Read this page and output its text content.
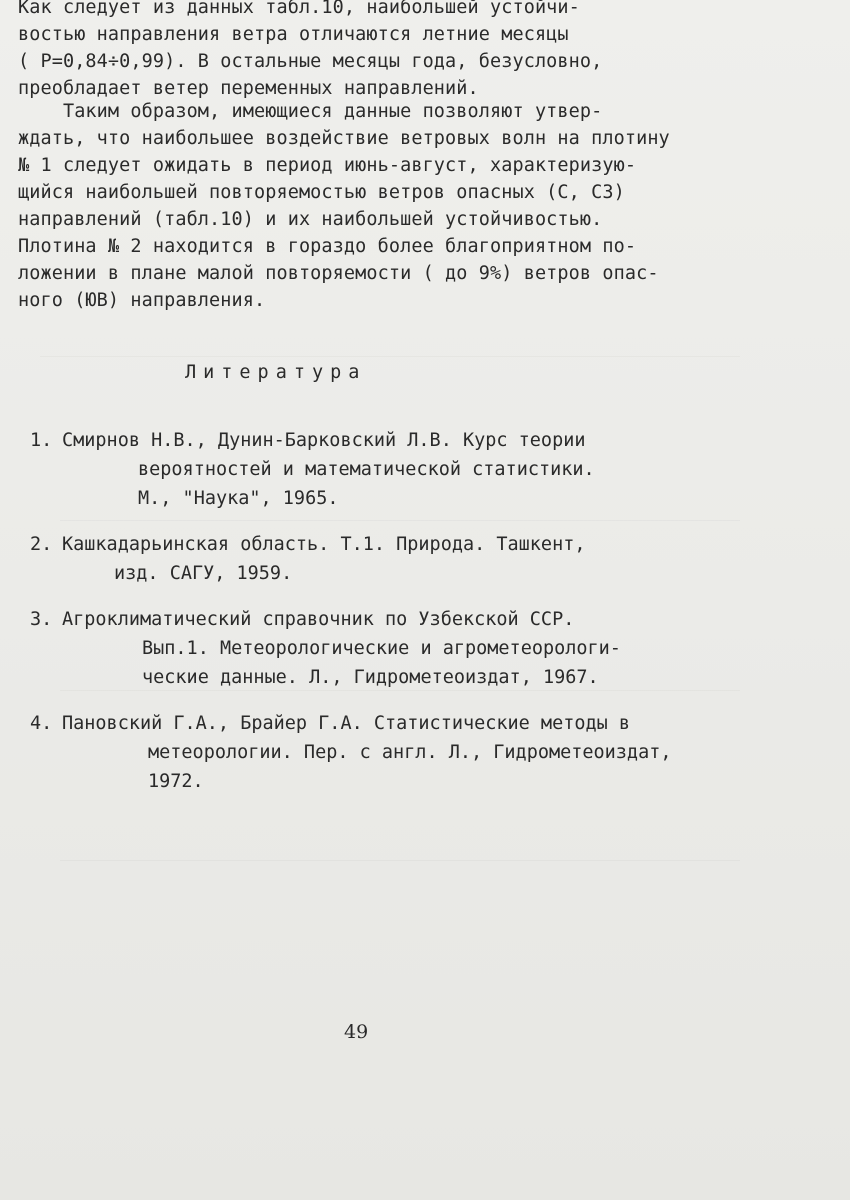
Как следует из данных табл.10, наибольшей устойчи-
востью направления ветра отличаются летние месяцы
( Р=0,84÷0,99). В остальные месяцы года, безусловно,
преобладает ветер переменных направлений.
Таким образом, имеющиеся данные позволяют утвер-
ждать, что наибольшее воздействие ветровых волн на плотину
№ 1 следует ожидать в период июнь-август, характеризую-
щийся наибольшей повторяемостью ветров опасных (С, СЗ)
направлений (табл.10) и их наибольшей устойчивостью.
Плотина № 2 находится в гораздо более благоприятном по-
ложении в плане малой повторяемости ( до 9%) ветров опас-
ного (ЮВ) направления.
Литература
1. Смирнов Н.В., Дунин-Барковский Л.В. Курс теории
вероятностей и математической статистики.
М., "Наука", 1965.
2. Кашкадарьинская область. Т.1. Природа. Ташкент,
изд. САГУ, 1959.
3. Агроклиматический справочник по Узбекской ССР.
Вып.1. Метеорологические и агрометеорологи-
ческие данные. Л., Гидрометеоиздат, 1967.
4. Пановский Г.А., Брайер Г.А. Статистические методы в
метеорологии. Пер. с англ. Л., Гидрометеоиздат,
1972.
49
